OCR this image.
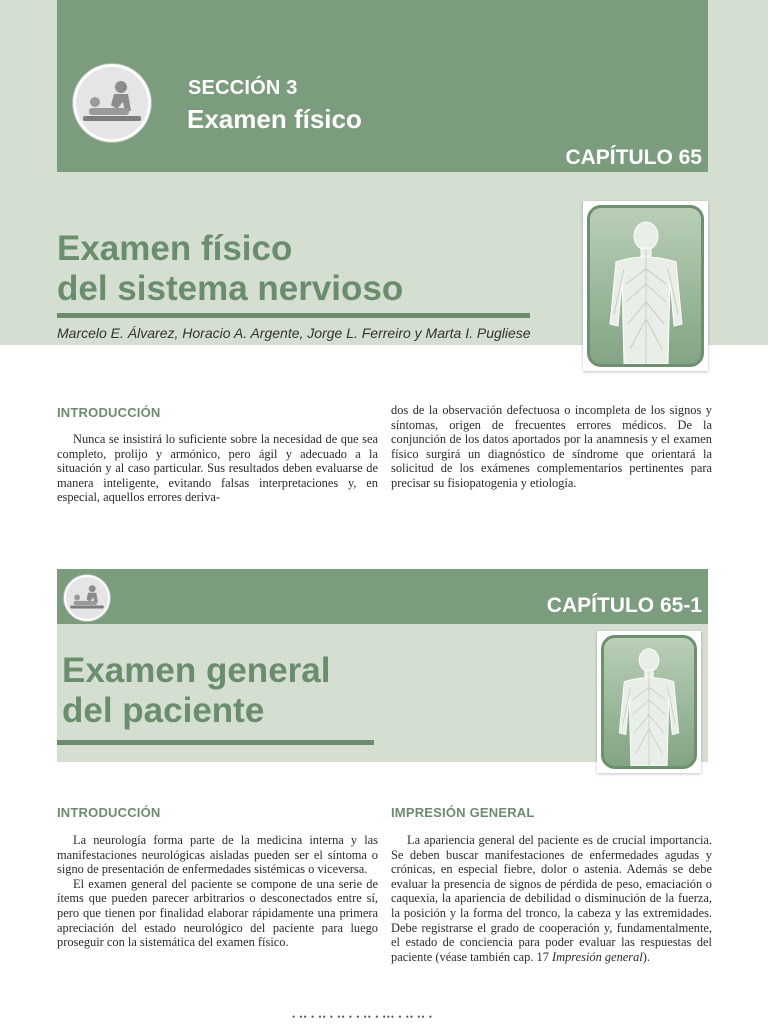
SECCIÓN 3
Examen físico
CAPÍTULO 65
Examen físico
del sistema nervioso
Marcelo E. Álvarez, Horacio A. Argente, Jorge L. Ferreiro y Marta I. Pugliese
INTRODUCCIÓN

Nunca se insistirá lo suficiente sobre la necesidad de que sea completo, prolijo y armónico, pero ágil y adecuado a la situación y al caso particular. Sus resultados deben evaluarse de manera inteligente, evitando falsas interpretaciones y, en especial, aquellos errores deriva-

dos de la observación defectuosa o incompleta de los signos y síntomas, origen de frecuentes errores médicos. De la conjunción de los datos aportados por la anamnesis y el examen físico surgirá un diagnóstico de síndrome que orientará la solicitud de los exámenes complementarios pertinentes para precisar su fisiopatogenia y etiología.

CAPÍTULO 65-1
Examen general
del paciente
INTRODUCCIÓN

La neurología forma parte de la medicina interna y las manifestaciones neurológicas aisladas pueden ser el síntoma o signo de presentación de enfermedades sistémicas o viceversa.

El examen general del paciente se compone de una serie de ítems que pueden parecer arbitrarios o desconectados entre sí, pero que tienen por finalidad elaborar rápidamente una primera apreciación del estado neurológico del paciente para luego proseguir con la sistemática del examen físico.

IMPRESIÓN GENERAL

La apariencia general del paciente es de crucial importancia. Se deben buscar manifestaciones de enfermedades agudas y crónicas, en especial fiebre, dolor o astenia. Además se debe evaluar la presencia de signos de pérdida de peso, emaciación o caquexia, la apariencia de debilidad o disminución de la fuerza, la posición y la forma del tronco, la cabeza y las extremidades. Debe registrarse el grado de cooperación y, fundamentalmente, el estado de conciencia para poder evaluar las respuestas del paciente (véase también cap. 17 Impresión general).

• •• • •• • •• • • •• • ••• • •• •• •
